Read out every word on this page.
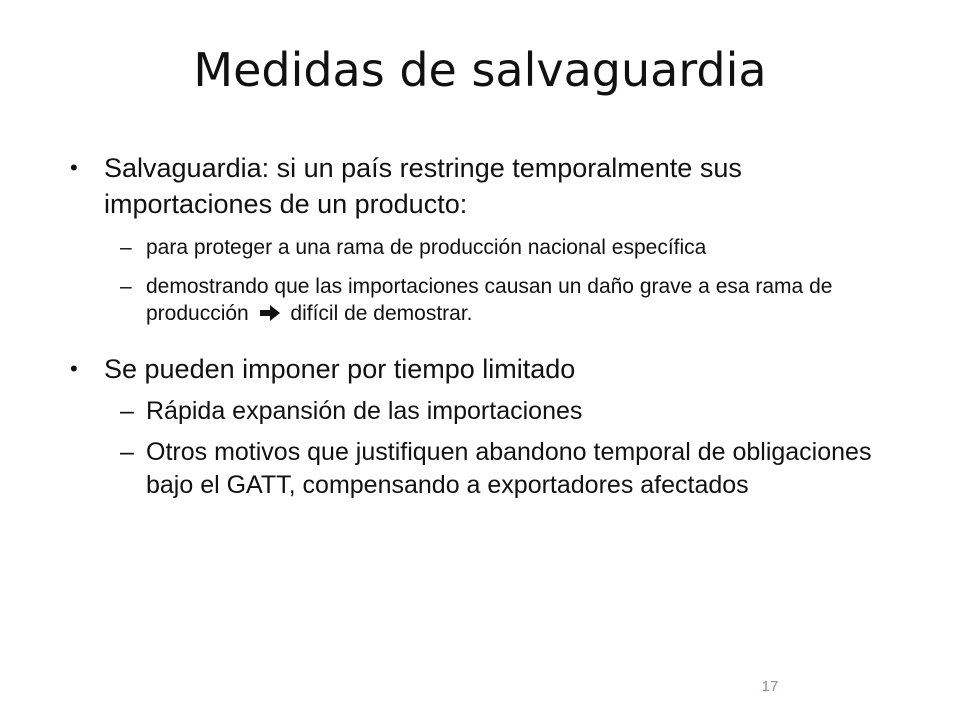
Medidas de salvaguardia
• Salvaguardia: si un país restringe temporalmente sus importaciones de un producto:
– para proteger a una rama de producción nacional específica
– demostrando que las importaciones causan un daño grave a esa rama de producción difícil de demostrar.
• Se pueden imponer por tiempo limitado
– Rápida expansión de las importaciones
– Otros motivos que justifiquen abandono temporal de obligaciones bajo el GATT, compensando a exportadores afectados
17
